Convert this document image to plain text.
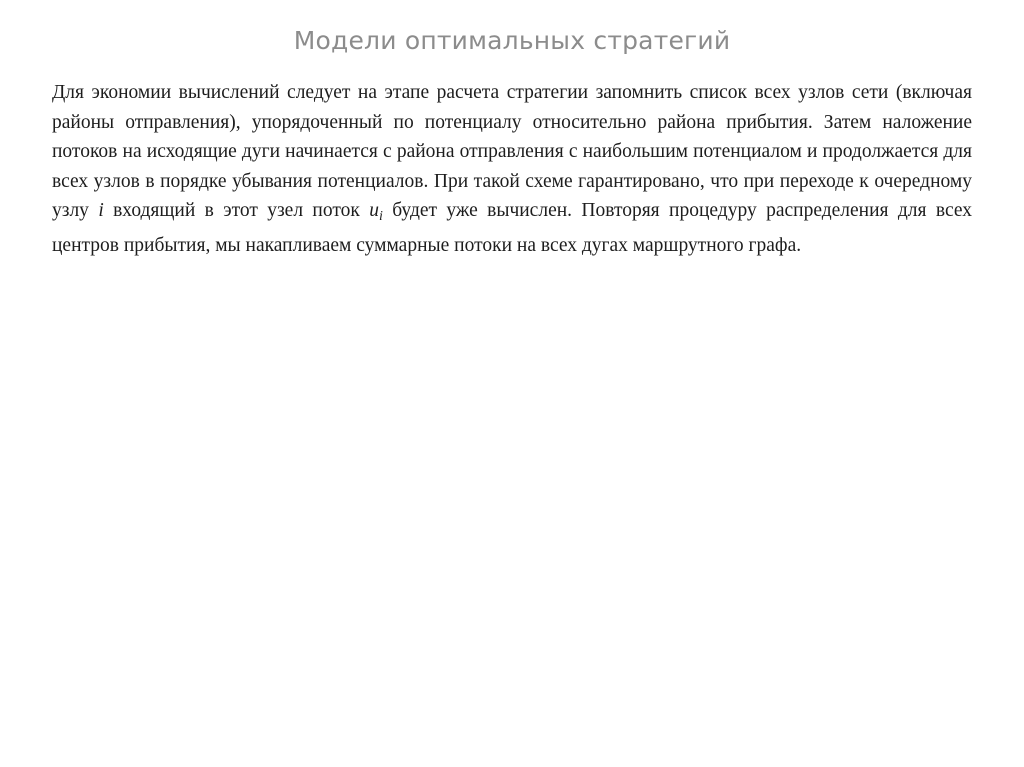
Модели оптимальных стратегий

Для экономии вычислений следует на этапе расчета стратегии запомнить список всех узлов сети (включая районы отправления), упорядоченный по потенциалу относительно района прибытия. Затем наложение потоков на исходящие дуги начинается с района отправления с наибольшим потенциалом и продолжается для всех узлов в порядке убывания потенциалов. При такой схеме гарантировано, что при переходе к очередному узлу i входящий в этот узел поток $u_i$ будет уже вычислен. Повторяя процедуру распределения для всех центров прибытия, мы накапливаем суммарные потоки на всех дугах маршрутного графа.
